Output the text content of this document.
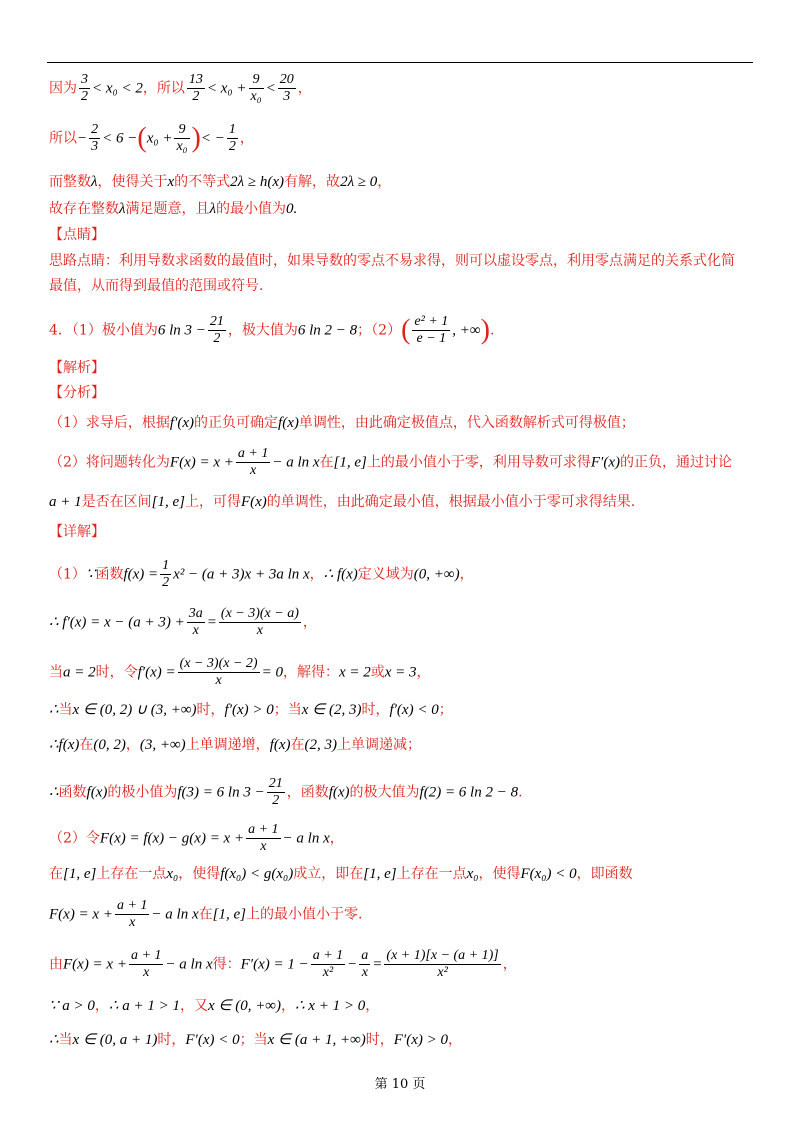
因为 $\frac{3}{2} < x_0 < 2$，所以 $\frac{13}{2} < x_0 + \frac{9}{\text{x₀}} < \frac{20}{3}$ ，
所以− $\frac{2}{3} < 6 -(x_0 + \frac{9}{\text{x₀}}$ )< − $\frac{1}{2}$ ，
而整数λ，使得关于x的不等式2λ ≥ h(x)有解，故2λ ≥ 0，
故存在整数λ满足题意，且λ的最小值为0.
【点睛】
思路点睛：利用导数求函数的最值时，如果导数的零点不易求得，则可以虚设零点，利用零点满足的关系式化简
最值，从而得到最值的范围或符号.
4．（1）极小值为6 $\ln 3 - \frac{21}{2}$ ，极大值为6 ln 2 − 8；$(2)( \frac{\text{e² + 1}}{e - 1}$ , +∞).
【解析】
【分析】
（1）求导后，根据f′(x)的正负可确定f(x)单调性，由此确定极值点，代入函数解析式可得极值；
（2）将问题转化为$F(x) = x + \frac{a + 1}{x} - a$ ln x在[1, e]上的最小值小于零，利用导数可求得F′(x)的正负，通过讨论
a + 1是否在区间[1, e]上，可得F(x)的单调性，由此确定最小值，根据最小值小于零可求得结果.
【详解】
（1）∵函数$f(x) = \frac{1}{2} x^2 - (a + 3)x + 3a$ ln x，∴ f(x)定义域为(0, +∞)，
∴ $f'(x) = x - (a + 3) + \frac{3a}{x} = \frac{(x - 3)(x - a)}{x}$ ，
当a = 2时，令$f'(x) = \frac{(x - 3)(x - 2)}{x} = 0$，解得：x = 2或x = 3，
∴当x ∈ (0, 2) ∪ (3, +∞)时，f′(x) > 0；当x ∈ (2, 3)时，f′(x) < 0；
∴f(x)在(0, 2)，(3, +∞)上单调递增，f(x)在(2, 3)上单调递减；
∴函数f(x)的极小值为f(3) = 6 $\ln 3 - \frac{21}{2}$ ，函数f(x)的极大值为f(2) = 6 ln 2 − 8.
（2）令$F(x) = f(x) - g(x) = x + \frac{a + 1}{x} - a$ ln x，
在[1, e]上存在一点x₀，使得f(x₀) < g(x₀)成立，即在[1, e]上存在一点x₀，使得F(x₀) < 0，即函数
$F(x) = x + \frac{a + 1}{x} - a$ ln x在[1, e]上的最小值小于零.
由$F(x) = x + \frac{a + 1}{x} - a$ ln x得：$F'(x) = 1 - \frac{a + 1}{\text{x²}} - \frac{a}{x} = \frac{(x + 1)[x - (a + 1)]}{\text{x²}}$ ，
∵ a > 0，∴ a + 1 > 1，又x ∈ (0, +∞)，∴ x + 1 > 0，
∴当x ∈ (0, a + 1)时，F′(x) < 0；当x ∈ (a + 1, +∞)时，F′(x) > 0，
第 10 页
